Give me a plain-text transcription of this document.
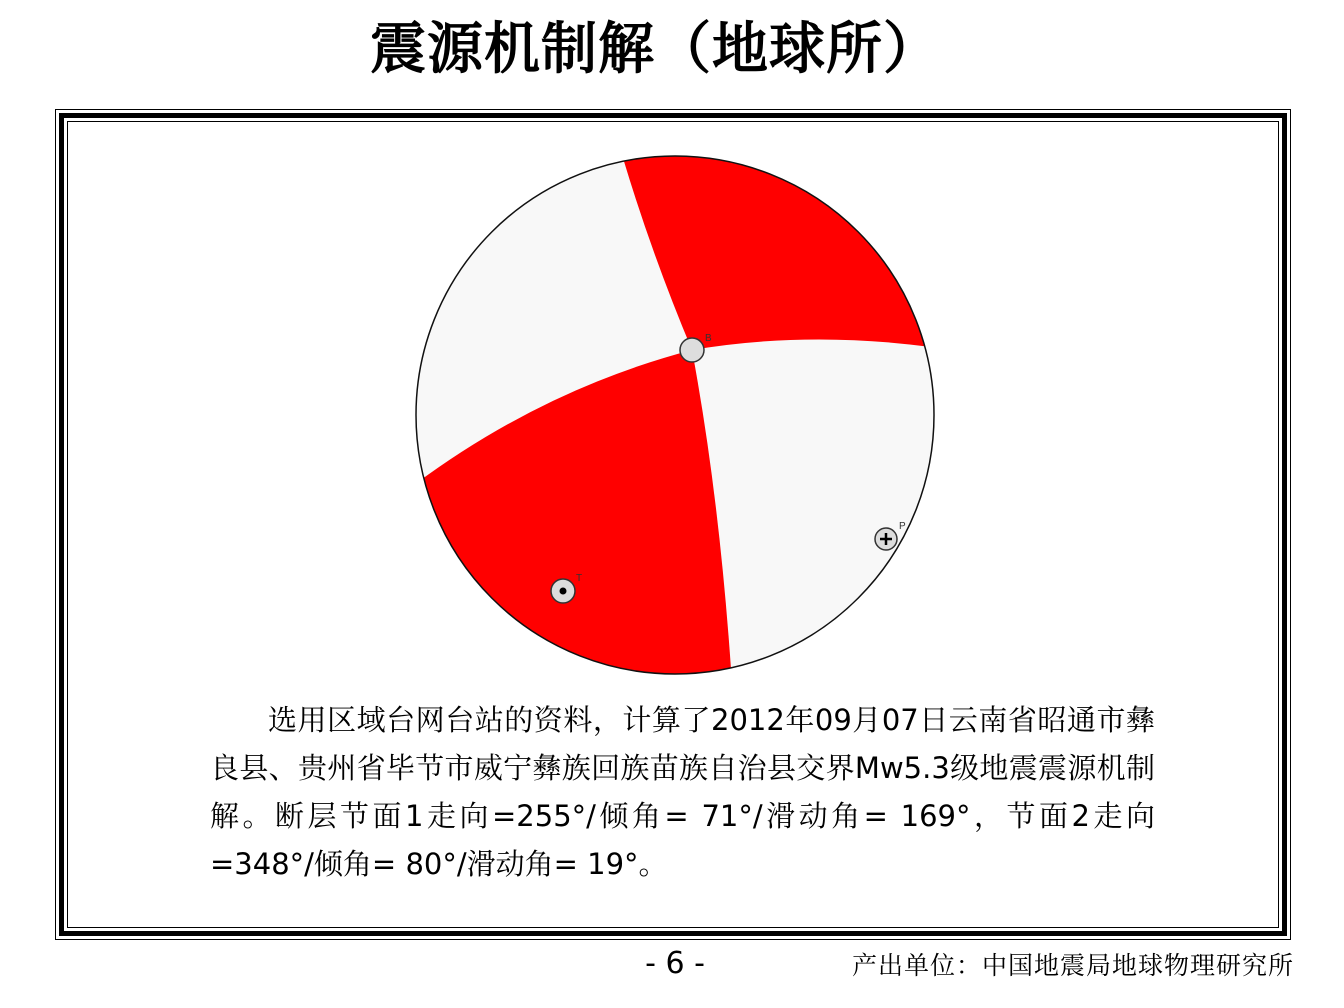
震源机制解（地球所）
B
P
T

选用区域台网台站的资料，计算了2012年09月07日云南省昭通市彝良县、贵州省毕节市威宁彝族回族苗族自治县交界Mw5.3级地震震源机制解。断层节面1走向=255°/倾角= 71°/滑动角= 169°，节面2走向=348°/倾角= 80°/滑动角= 19°。

- 6 -	产出单位：中国地震局地球物理研究所
